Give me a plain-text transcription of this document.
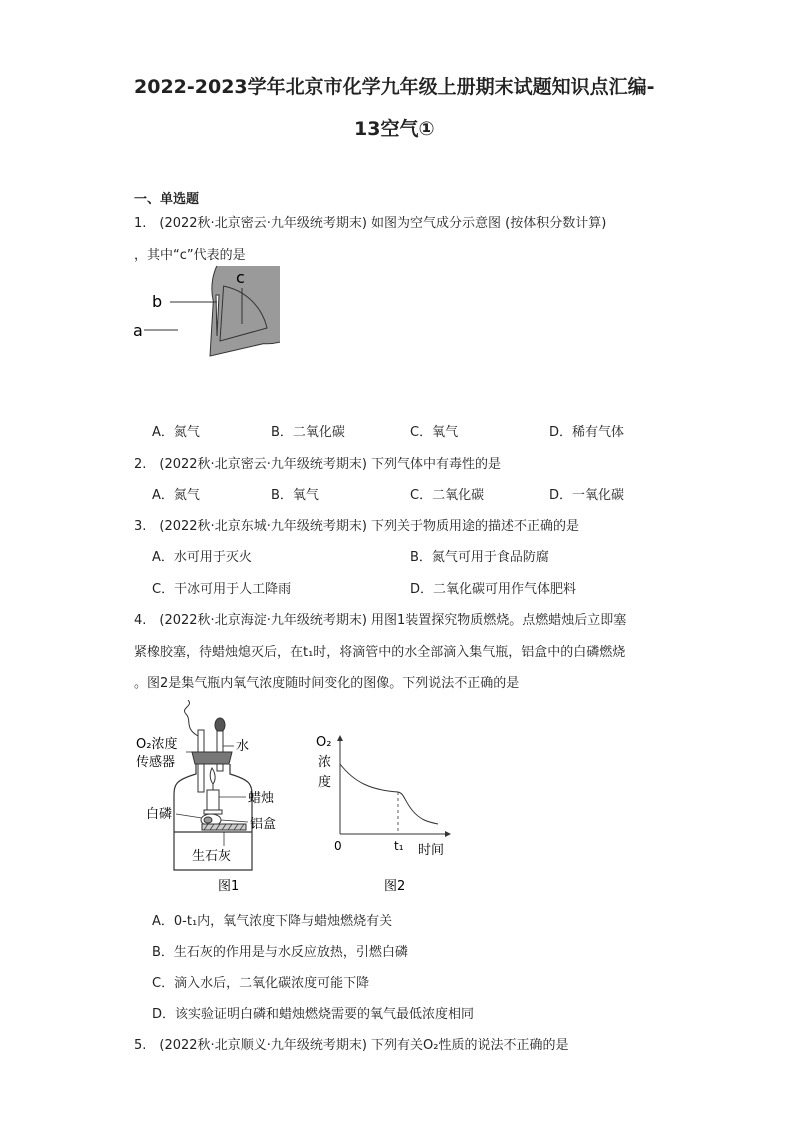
2022-2023学年北京市化学九年级上册期末试题知识点汇编-
13空气①
一、单选题
1.　(2022秋·北京密云·九年级统考期末) 如图为空气成分示意图 (按体积分数计算)
，其中“c”代表的是
a
b
c
A．氮气	B．二氧化碳	C．氧气	D．稀有气体
2.　(2022秋·北京密云·九年级统考期末) 下列气体中有毒性的是
A．氮气	B．氧气	C．二氧化碳	D．一氧化碳
3.　(2022秋·北京东城·九年级统考期末) 下列关于物质用途的描述不正确的是
A．水可用于灭火	B．氮气可用于食品防腐
C．干冰可用于人工降雨	D．二氧化碳可用作气体肥料
4.　(2022秋·北京海淀·九年级统考期末) 用图1装置探究物质燃烧。点燃蜡烛后立即塞
紧橡胶塞，待蜡烛熄灭后，在t₁时，将滴管中的水全部滴入集气瓶，铝盒中的白磷燃烧
。图2是集气瓶内氧气浓度随时间变化的图像。下列说法不正确的是
O₂浓度
传感器
水
蜡烛
白磷
铝盒
生石灰
图1
O₂
浓
度
0	t₁ 时间
图2
A．0-t₁内，氧气浓度下降与蜡烛燃烧有关
B．生石灰的作用是与水反应放热，引燃白磷
C．滴入水后，二氧化碳浓度可能下降
D．该实验证明白磷和蜡烛燃烧需要的氧气最低浓度相同
5.　(2022秋·北京顺义·九年级统考期末) 下列有关O₂性质的说法不正确的是
